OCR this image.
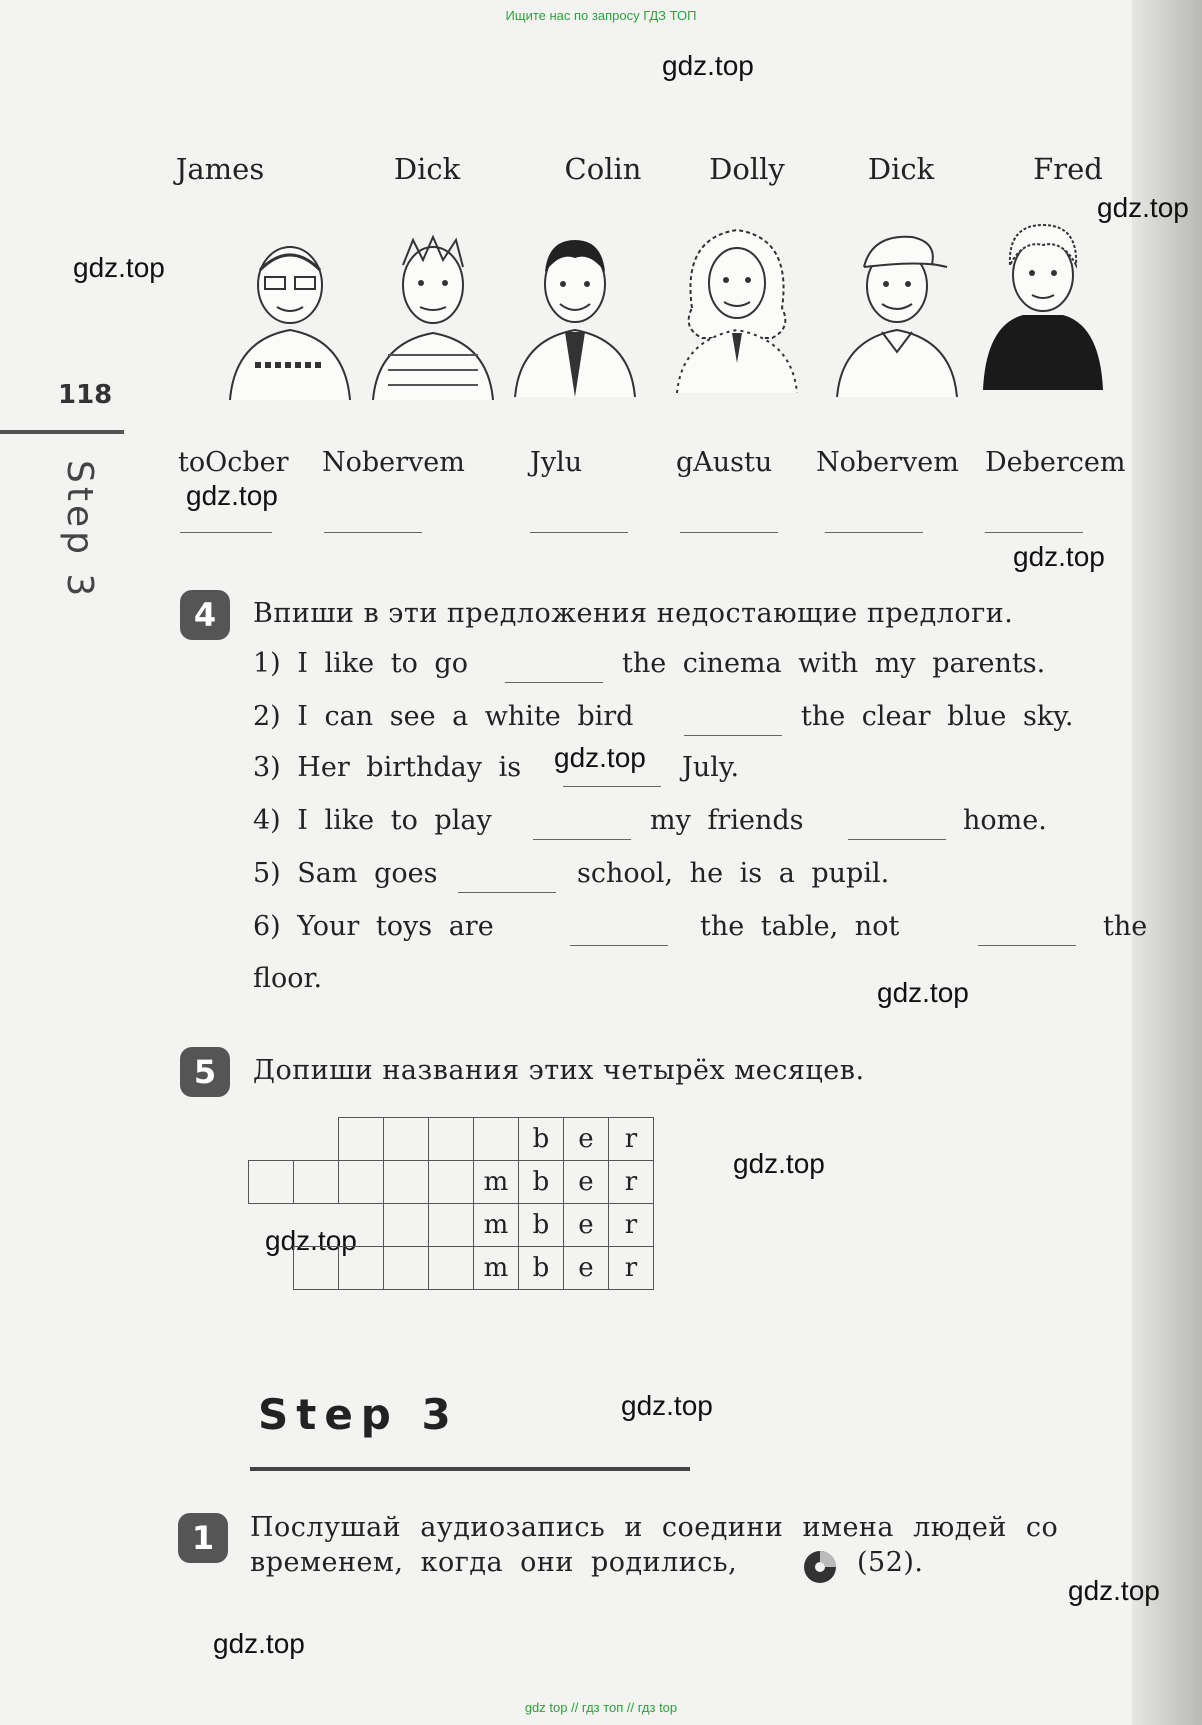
Ищите нас по запросу ГДЗ ТОП
gdz.top
gdz.top
gdz.top
gdz.top
gdz.top
gdz.top
gdz.top
gdz.top
gdz.top
gdz.top
gdz.top
gdz.top
118
Step 3
James	Dick	Colin	Dolly	Dick	Fred
toOcber Nobervem Jylu	gAustu Nobervem Debercem
4	Впиши в эти предложения недостающие предлоги.
1) I like to go	the cinema with my parents.
2) I can see a white bird	the clear blue sky.
3) Her birthday is	July.
4) I like to play	my friends	home.
5) Sam goes	school, he is a pupil.
6) Your toys are	the table, not	the
floor.
5	Допиши названия этих четырёх месяцев.
						b	e	r
					m	b	e	r
					m	b	e	r
					m	b	e	r
Step 3
1	Послушай аудиозапись и соедини имена людей со
временем, когда они родились,	(52).
gdz top // гдз топ // гдз top
